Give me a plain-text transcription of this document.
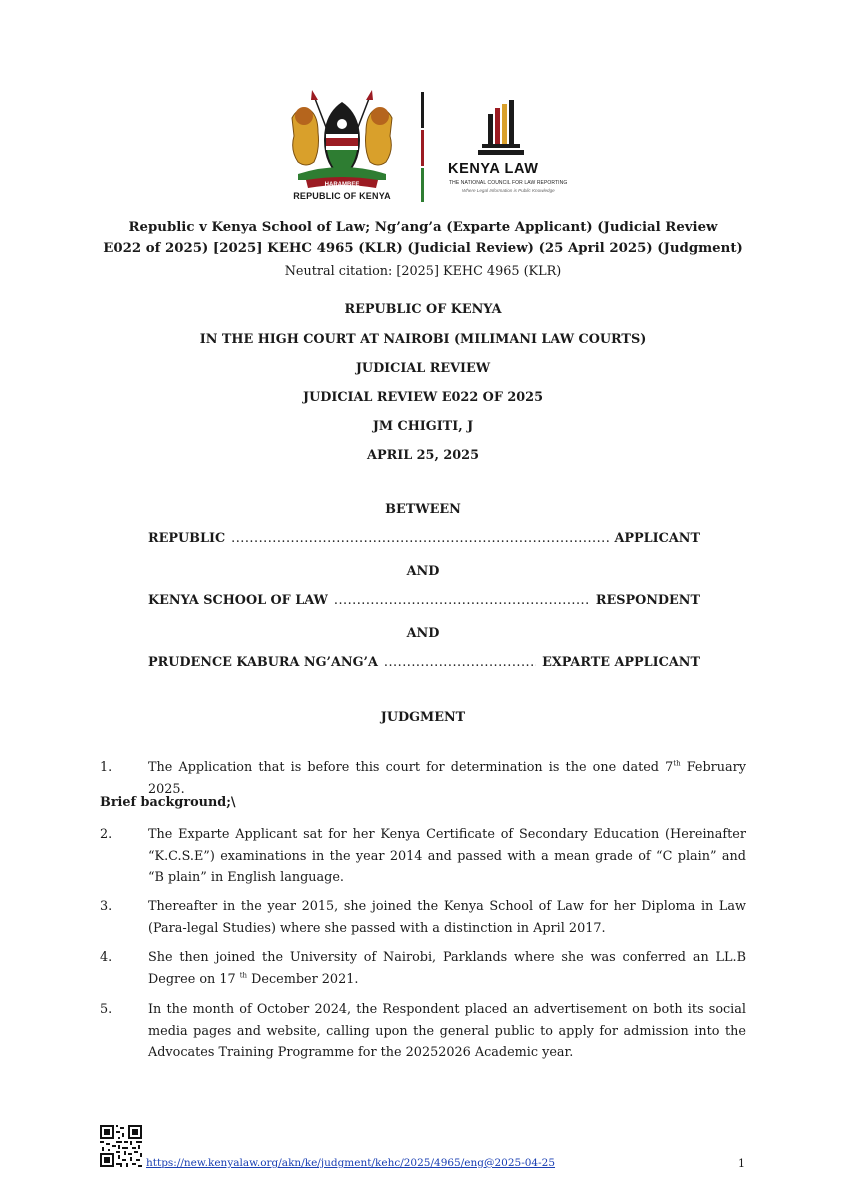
HARAMBEE
REPUBLIC OF KENYA
KENYA LAW
THE NATIONAL COUNCIL FOR LAW REPORTING
Where Legal Information is Public Knowledge
Republic v Kenya School of Law; Ng’ang’a (Exparte Applicant) (Judicial Review
E022 of 2025) [2025] KEHC 4965 (KLR) (Judicial Review) (25 April 2025) (Judgment)
Neutral citation: [2025] KEHC 4965 (KLR)
REPUBLIC OF KENYA
IN THE HIGH COURT AT NAIROBI (MILIMANI LAW COURTS)
JUDICIAL REVIEW
JUDICIAL REVIEW E022 OF 2025
JM CHIGITI, J
APRIL 25, 2025
BETWEEN
REPUBLIC .....	APPLICANT
AND
KENYA SCHOOL OF LAW .....	RESPONDENT
AND
PRUDENCE KABURA NG’ANG’A .....	EXPARTE APPLICANT
JUDGMENT
1.	The Application that is before this court for determination is the one dated 7th February 2025.
Brief background;\
2.	The Exparte Applicant sat for her Kenya Certificate of Secondary Education (Hereinafter “K.C.S.E”) examinations in the year 2014 and passed with a mean grade of “C plain” and “B plain” in English language.
3.	Thereafter in the year 2015, she joined the Kenya School of Law for her Diploma in Law (Para-legal Studies) where she passed with a distinction in April 2017.
4.	She then joined the University of Nairobi, Parklands where she was conferred an LL.B Degree on 17 $^{th}$ December 2021.
5.	In the month of October 2024, the Respondent placed an advertisement on both its social media pages and website, calling upon the general public to apply for admission into the Advocates Training Programme for the 20252026 Academic year.
https://new.kenyalaw.org/akn/ke/judgment/kehc/2025/4965/eng@2025-04-25	1
